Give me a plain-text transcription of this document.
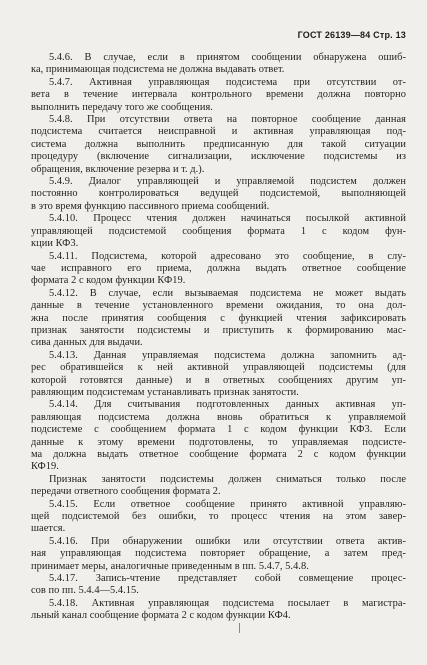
ГОСТ 26139—84 Стр. 13
5.4.6. В случае, если в принятом сообщении обнаружена ошиб-
ка, принимающая подсистема не должна выдавать ответ.
5.4.7. Активная управляющая подсистема при отсутствии от-
вета в течение интервала контрольного времени должна повторно
выполнить передачу того же сообщения.
5.4.8. При отсутствии ответа на повторное сообщение данная
подсистема считается неисправной и активная управляющая под-
система должна выполнить предписанную для такой ситуации
процедуру (включение сигнализации, исключение подсистемы из
обращения, включение резерва и т. д.).
5.4.9. Диалог управляющей и управляемой подсистем должен
постоянно контролироваться ведущей подсистемой, выполняющей
в это время функцию пассивного приема сообщений.
5.4.10. Процесс чтения должен начинаться посылкой активной
управляющей подсистемой сообщения формата 1 с кодом фун-
кции КФ3.
5.4.11. Подсистема, которой адресовано это сообщение, в слу-
чае исправного его приема, должна выдать ответное сообщение
формата 2 с кодом функции КФ19.
5.4.12. В случае, если вызываемая подсистема не может выдать
данные в течение установленного времени ожидания, то она дол-
жна после принятия сообщения с функцией чтения зафиксировать
признак занятости подсистемы и приступить к формированию мас-
сива данных для выдачи.
5.4.13. Данная управляемая подсистема должна запомнить ад-
рес обратившейся к ней активной управляющей подсистемы (для
которой готовятся данные) и в ответных сообщениях другим уп-
равляющим подсистемам устанавливать признак занятости.
5.4.14. Для считывания подготовленных данных активная уп-
равляющая подсистема должна вновь обратиться к управляемой
подсистеме с сообщением формата 1 с кодом функции КФ3. Если
данные к этому времени подготовлены, то управляемая подсисте-
ма должна выдать ответное сообщение формата 2 с кодом функции
КФ19.
Признак занятости подсистемы должен сниматься только после
передачи ответного сообщения формата 2.
5.4.15. Если ответное сообщение принято активной управляю-
щей подсистемой без ошибки, то процесс чтения на этом завер-
шается.
5.4.16. При обнаружении ошибки или отсутствии ответа актив-
ная управляющая подсистема повторяет обращение, а затем пред-
принимает меры, аналогичные приведенным в пп. 5.4.7, 5.4.8.
5.4.17. Запись-чтение представляет собой совмещение процес-
сов по пп. 5.4.4—5.4.15.
5.4.18. Активная управляющая подсистема посылает в магистра-
льный канал сообщение формата 2 с кодом функции КФ4.
